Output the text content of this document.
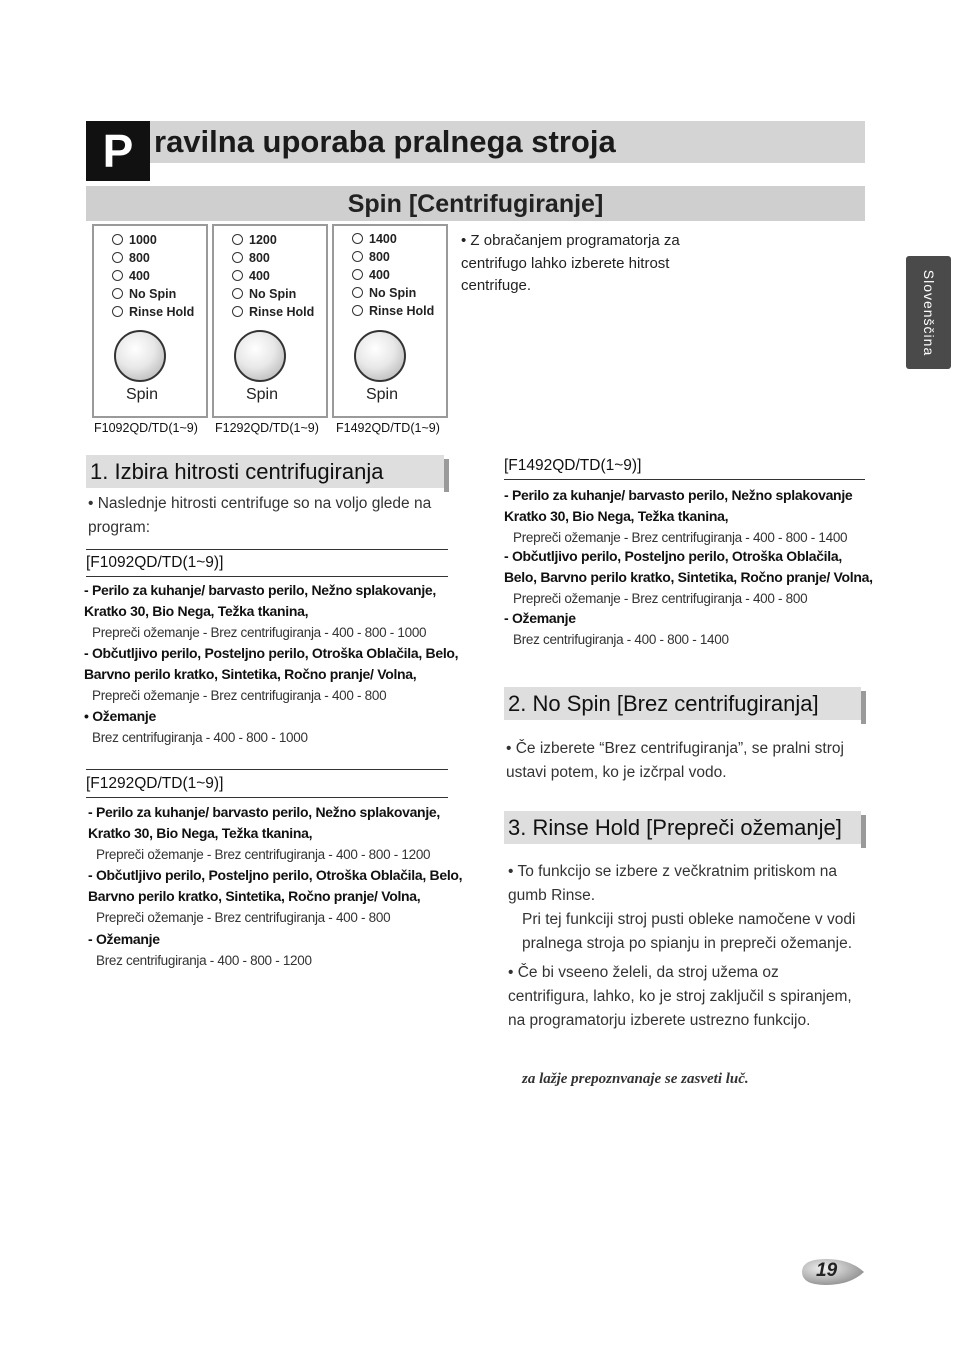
P ravilna uporaba pralnega stroja
Spin [Centrifugiranje]
Slovenščina
1000
800
400
No Spin
Rinse Hold
Spin
1200
800
400
No Spin
Rinse Hold
Spin
1400
800
400
No Spin
Rinse Hold
Spin
F1092QD/TD(1~9) F1292QD/TD(1~9) F1492QD/TD(1~9)
• Z obračanjem programatorja za centrifugo lahko izberete hitrost centrifuge.
1. Izbira hitrosti centrifugiranja
• Naslednje hitrosti centrifuge so na voljo glede na program:
[F1092QD/TD(1~9)]
- Perilo za kuhanje/ barvasto perilo, Nežno splakovanje, Kratko 30, Bio Nega, Težka tkanina,
Prepreči ožemanje - Brez centrifugiranja - 400 - 800 - 1000
- Občutljivo perilo, Posteljno perilo, Otroška Oblačila, Belo, Barvno perilo kratko, Sintetika, Ročno pranje/ Volna,
Prepreči ožemanje - Brez centrifugiranja - 400 - 800
• Ožemanje
Brez centrifugiranja - 400 - 800 - 1000
[F1292QD/TD(1~9)]
- Perilo za kuhanje/ barvasto perilo, Nežno splakovanje, Kratko 30, Bio Nega, Težka tkanina,
Prepreči ožemanje - Brez centrifugiranja - 400 - 800 - 1200
- Občutljivo perilo, Posteljno perilo, Otroška Oblačila, Belo, Barvno perilo kratko, Sintetika, Ročno pranje/ Volna,
Prepreči ožemanje - Brez centrifugiranja - 400 - 800
- Ožemanje
Brez centrifugiranja - 400 - 800 - 1200
[F1492QD/TD(1~9)]
- Perilo za kuhanje/ barvasto perilo, Nežno splakovanje Kratko 30, Bio Nega, Težka tkanina,
Prepreči ožemanje - Brez centrifugiranja - 400 - 800 - 1400
- Občutljivo perilo, Posteljno perilo, Otroška Oblačila, Belo, Barvno perilo kratko, Sintetika, Ročno pranje/ Volna,
Prepreči ožemanje - Brez centrifugiranja - 400 - 800
- Ožemanje
Brez centrifugiranja - 400 - 800 - 1400
2. No Spin [Brez centrifugiranja]
• Če izberete “Brez centrifugiranja”, se pralni stroj ustavi potem, ko je izčrpal vodo.
3. Rinse Hold [Prepreči ožemanje]
• To funkcijo se izbere z večkratnim pritiskom na gumb Rinse.
Pri tej funkciji stroj pusti obleke namočene v vodi pralnega stroja po spianju in prepreči ožemanje.
• Če bi vseeno želeli, da stroj užema oz centrifigura, lahko, ko je stroj zaključil s spiranjem, na programatorju izberete ustrezno funkcijo.
za lažje prepoznvanaje se zasveti luč.
19
